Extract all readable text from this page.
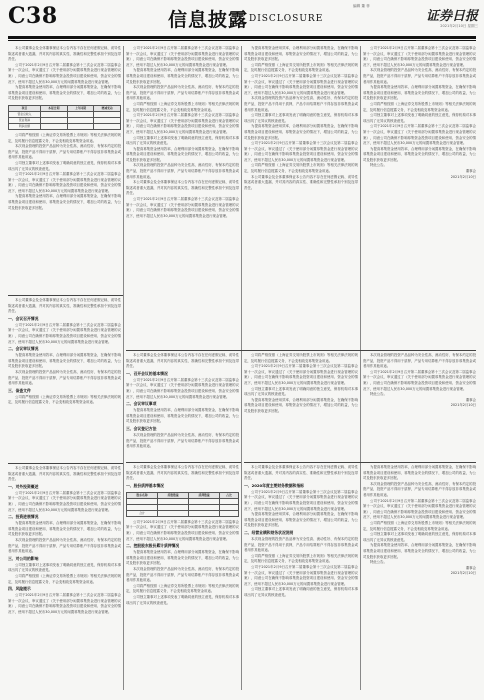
C38	信息披露 DISCLOSURE
编辑 董 菲
证券日报
2021年2月10日 星期三

本公司董事会及全体董事保证本公告内容不存在任何虚假记载、误导性陈述或者重大遗漏，并对其内容的真实性、准确性和完整性承担个别及连带责任。

公司于2021年2月9日召开第二届董事会第十三次会议及第二届监事会第十一次会议，审议通过了《关于使用部分闲置募集资金进行现金管理的议案》，同意公司在确保不影响募集资金投资项目建设和使用、资金安全的情况下，使用不超过人民币30,000万元的闲置募集资金进行现金管理。

为提高募集资金使用效率，合理利用部分闲置募集资金，在确保不影响募集资金项目建设和使用、募集资金安全的情况下，增加公司的收益，为公司及股东获取更多回报。

项目	本报告期	上年同期	增减变动
营业总收入			
营业利润			
利润总额			

公司将严格按照《上海证券交易所股票上市规则》等相关法律法规的规定，及时履行信息披露义务，不会变相改变募集资金用途。

本次现金管理的投资产品品种为安全性高、流动性好、有保本约定的投资产品，投资产品不得用于质押，产品专用结算账户不得存放非募集资金或者用作其他用途。

公司独立董事对上述事项发表了明确同意的独立意见，保荐机构对本事项出具了无异议的核查意见。

公司于2021年2月9日召开第二届董事会第十三次会议及第二届监事会第十一次会议，审议通过了《关于使用部分闲置募集资金进行现金管理的议案》，同意公司在确保不影响募集资金投资项目建设和使用、资金安全的情况下，使用不超过人民币30,000万元的闲置募集资金进行现金管理。

为提高募集资金使用效率，合理利用部分闲置募集资金，在确保不影响募集资金项目建设和使用、募集资金安全的情况下，增加公司的收益，为公司及股东获取更多回报。

本公司董事会及全体董事保证本公告内容不存在任何虚假记载、误导性陈述或者重大遗漏，并对其内容的真实性、准确性和完整性承担个别及连带责任。

一、会议召开情况

公司于2021年2月9日召开第二届董事会第十三次会议及第二届监事会第十一次会议，审议通过了《关于使用部分闲置募集资金进行现金管理的议案》，同意公司在确保不影响募集资金投资项目建设和使用、资金安全的情况下，使用不超过人民币30,000万元的闲置募集资金进行现金管理。

二、会议审议情况

为提高募集资金使用效率，合理利用部分闲置募集资金，在确保不影响募集资金项目建设和使用、募集资金安全的情况下，增加公司的收益，为公司及股东获取更多回报。

本次现金管理的投资产品品种为安全性高、流动性好、有保本约定的投资产品，投资产品不得用于质押，产品专用结算账户不得存放非募集资金或者用作其他用途。

三、备查文件

公司将严格按照《上海证券交易所股票上市规则》等相关法律法规的规定，及时履行信息披露义务，不会变相改变募集资金用途。

本公司董事会及全体董事保证本公告内容不存在任何虚假记载、误导性陈述或者重大遗漏，并对其内容的真实性、准确性和完整性承担个别及连带责任。

一、对外投资概述

公司于2021年2月9日召开第二届董事会第十三次会议及第二届监事会第十一次会议，审议通过了《关于使用部分闲置募集资金进行现金管理的议案》，同意公司在确保不影响募集资金投资项目建设和使用、资金安全的情况下，使用不超过人民币30,000万元的闲置募集资金进行现金管理。

二、投资进展情况

为提高募集资金使用效率，合理利用部分闲置募集资金，在确保不影响募集资金项目建设和使用、募集资金安全的情况下，增加公司的收益，为公司及股东获取更多回报。

本次现金管理的投资产品品种为安全性高、流动性好、有保本约定的投资产品，投资产品不得用于质押，产品专用结算账户不得存放非募集资金或者用作其他用途。

三、对公司的影响

公司独立董事对上述事项发表了明确同意的独立意见，保荐机构对本事项出具了无异议的核查意见。

公司将严格按照《上海证券交易所股票上市规则》等相关法律法规的规定，及时履行信息披露义务，不会变相改变募集资金用途。

四、风险提示

公司于2021年2月9日召开第二届董事会第十三次会议及第二届监事会第十一次会议，审议通过了《关于使用部分闲置募集资金进行现金管理的议案》，同意公司在确保不影响募集资金投资项目建设和使用、资金安全的情况下，使用不超过人民币30,000万元的闲置募集资金进行现金管理。

公司于2021年2月9日召开第二届董事会第十三次会议及第二届监事会第十一次会议，审议通过了《关于使用部分闲置募集资金进行现金管理的议案》，同意公司在确保不影响募集资金投资项目建设和使用、资金安全的情况下，使用不超过人民币30,000万元的闲置募集资金进行现金管理。

为提高募集资金使用效率，合理利用部分闲置募集资金，在确保不影响募集资金项目建设和使用、募集资金安全的情况下，增加公司的收益，为公司及股东获取更多回报。

本次现金管理的投资产品品种为安全性高、流动性好、有保本约定的投资产品，投资产品不得用于质押，产品专用结算账户不得存放非募集资金或者用作其他用途。

公司将严格按照《上海证券交易所股票上市规则》等相关法律法规的规定，及时履行信息披露义务，不会变相改变募集资金用途。

公司于2021年2月9日召开第二届董事会第十三次会议及第二届监事会第十一次会议，审议通过了《关于使用部分闲置募集资金进行现金管理的议案》，同意公司在确保不影响募集资金投资项目建设和使用、资金安全的情况下，使用不超过人民币30,000万元的闲置募集资金进行现金管理。

公司独立董事对上述事项发表了明确同意的独立意见，保荐机构对本事项出具了无异议的核查意见。

为提高募集资金使用效率，合理利用部分闲置募集资金，在确保不影响募集资金项目建设和使用、募集资金安全的情况下，增加公司的收益，为公司及股东获取更多回报。

本次现金管理的投资产品品种为安全性高、流动性好、有保本约定的投资产品，投资产品不得用于质押，产品专用结算账户不得存放非募集资金或者用作其他用途。

本公司董事会及全体董事保证本公告内容不存在任何虚假记载、误导性陈述或者重大遗漏，并对其内容的真实性、准确性和完整性承担个别及连带责任。

公司于2021年2月9日召开第二届董事会第十三次会议及第二届监事会第十一次会议，审议通过了《关于使用部分闲置募集资金进行现金管理的议案》，同意公司在确保不影响募集资金投资项目建设和使用、资金安全的情况下，使用不超过人民币30,000万元的闲置募集资金进行现金管理。

为提高募集资金使用效率，合理利用部分闲置募集资金，在确保不影响募集资金项目建设和使用、募集资金安全的情况下，增加公司的收益，为公司及股东获取更多回报。

公司将严格按照《上海证券交易所股票上市规则》等相关法律法规的规定，及时履行信息披露义务，不会变相改变募集资金用途。

公司于2021年2月9日召开第二届董事会第十三次会议及第二届监事会第十一次会议，审议通过了《关于使用部分闲置募集资金进行现金管理的议案》，同意公司在确保不影响募集资金投资项目建设和使用、资金安全的情况下，使用不超过人民币30,000万元的闲置募集资金进行现金管理。

本次现金管理的投资产品品种为安全性高、流动性好、有保本约定的投资产品，投资产品不得用于质押，产品专用结算账户不得存放非募集资金或者用作其他用途。

公司独立董事对上述事项发表了明确同意的独立意见，保荐机构对本事项出具了无异议的核查意见。

为提高募集资金使用效率，合理利用部分闲置募集资金，在确保不影响募集资金项目建设和使用、募集资金安全的情况下，增加公司的收益，为公司及股东获取更多回报。

公司于2021年2月9日召开第二届董事会第十三次会议及第二届监事会第十一次会议，审议通过了《关于使用部分闲置募集资金进行现金管理的议案》，同意公司在确保不影响募集资金投资项目建设和使用、资金安全的情况下，使用不超过人民币30,000万元的闲置募集资金进行现金管理。

公司将严格按照《上海证券交易所股票上市规则》等相关法律法规的规定，及时履行信息披露义务，不会变相改变募集资金用途。

本公司董事会及全体董事保证本公告内容不存在任何虚假记载、误导性陈述或者重大遗漏，并对其内容的真实性、准确性和完整性承担个别及连带责任。

公司于2021年2月9日召开第二届董事会第十三次会议及第二届监事会第十一次会议，审议通过了《关于使用部分闲置募集资金进行现金管理的议案》，同意公司在确保不影响募集资金投资项目建设和使用、资金安全的情况下，使用不超过人民币30,000万元的闲置募集资金进行现金管理。

本次现金管理的投资产品品种为安全性高、流动性好、有保本约定的投资产品，投资产品不得用于质押，产品专用结算账户不得存放非募集资金或者用作其他用途。

为提高募集资金使用效率，合理利用部分闲置募集资金，在确保不影响募集资金项目建设和使用、募集资金安全的情况下，增加公司的收益，为公司及股东获取更多回报。

公司将严格按照《上海证券交易所股票上市规则》等相关法律法规的规定，及时履行信息披露义务，不会变相改变募集资金用途。

公司独立董事对上述事项发表了明确同意的独立意见，保荐机构对本事项出具了无异议的核查意见。

公司于2021年2月9日召开第二届董事会第十三次会议及第二届监事会第十一次会议，审议通过了《关于使用部分闲置募集资金进行现金管理的议案》，同意公司在确保不影响募集资金投资项目建设和使用、资金安全的情况下，使用不超过人民币30,000万元的闲置募集资金进行现金管理。

为提高募集资金使用效率，合理利用部分闲置募集资金，在确保不影响募集资金项目建设和使用、募集资金安全的情况下，增加公司的收益，为公司及股东获取更多回报。

特此公告。

董事会

2021年2月10日

本公司董事会及全体董事保证本公告内容不存在任何虚假记载、误导性陈述或者重大遗漏，并对其内容的真实性、准确性和完整性承担个别及连带责任。

一、召开会议的基本情况

公司于2021年2月9日召开第二届董事会第十三次会议及第二届监事会第十一次会议，审议通过了《关于使用部分闲置募集资金进行现金管理的议案》，同意公司在确保不影响募集资金投资项目建设和使用、资金安全的情况下，使用不超过人民币30,000万元的闲置募集资金进行现金管理。

二、会议审议事项

为提高募集资金使用效率，合理利用部分闲置募集资金，在确保不影响募集资金项目建设和使用、募集资金安全的情况下，增加公司的收益，为公司及股东获取更多回报。

三、会议登记方法

本次现金管理的投资产品品种为安全性高、流动性好、有保本约定的投资产品，投资产品不得用于质押，产品专用结算账户不得存放非募集资金或者用作其他用途。

公司将严格按照《上海证券交易所股票上市规则》等相关法律法规的规定，及时履行信息披露义务，不会变相改变募集资金用途。

公司于2021年2月9日召开第二届董事会第十三次会议及第二届监事会第十一次会议，审议通过了《关于使用部分闲置募集资金进行现金管理的议案》，同意公司在确保不影响募集资金投资项目建设和使用、资金安全的情况下，使用不超过人民币30,000万元的闲置募集资金进行现金管理。

公司独立董事对上述事项发表了明确同意的独立意见，保荐机构对本事项出具了无异议的核查意见。

为提高募集资金使用效率，合理利用部分闲置募集资金，在确保不影响募集资金项目建设和使用、募集资金安全的情况下，增加公司的收益，为公司及股东获取更多回报。

本次现金管理的投资产品品种为安全性高、流动性好、有保本约定的投资产品，投资产品不得用于质押，产品专用结算账户不得存放非募集资金或者用作其他用途。

公司于2021年2月9日召开第二届董事会第十三次会议及第二届监事会第十一次会议，审议通过了《关于使用部分闲置募集资金进行现金管理的议案》，同意公司在确保不影响募集资金投资项目建设和使用、资金安全的情况下，使用不超过人民币30,000万元的闲置募集资金进行现金管理。

特此公告。

董事会

2021年2月10日

本公司董事会及全体董事保证本公告内容不存在任何虚假记载、误导性陈述或者重大遗漏，并对其内容的真实性、准确性和完整性承担个别及连带责任。

一、股份质押基本情况

股东名称	持股数量	质押数量	占比

合计			

公司于2021年2月9日召开第二届董事会第十三次会议及第二届监事会第十一次会议，审议通过了《关于使用部分闲置募集资金进行现金管理的议案》，同意公司在确保不影响募集资金投资项目建设和使用、资金安全的情况下，使用不超过人民币30,000万元的闲置募集资金进行现金管理。

二、控股股东股份累计质押情况

为提高募集资金使用效率，合理利用部分闲置募集资金，在确保不影响募集资金项目建设和使用、募集资金安全的情况下，增加公司的收益，为公司及股东获取更多回报。

本次现金管理的投资产品品种为安全性高、流动性好、有保本约定的投资产品，投资产品不得用于质押，产品专用结算账户不得存放非募集资金或者用作其他用途。

公司将严格按照《上海证券交易所股票上市规则》等相关法律法规的规定，及时履行信息披露义务，不会变相改变募集资金用途。

公司独立董事对上述事项发表了明确同意的独立意见，保荐机构对本事项出具了无异议的核查意见。

本公司董事会及全体董事保证本公告内容不存在任何虚假记载、误导性陈述或者重大遗漏，并对其内容的真实性、准确性和完整性承担个别及连带责任。

一、2020年度主要财务数据和指标

公司于2021年2月9日召开第二届董事会第十三次会议及第二届监事会第十一次会议，审议通过了《关于使用部分闲置募集资金进行现金管理的议案》，同意公司在确保不影响募集资金投资项目建设和使用、资金安全的情况下，使用不超过人民币30,000万元的闲置募集资金进行现金管理。

为提高募集资金使用效率，合理利用部分闲置募集资金，在确保不影响募集资金项目建设和使用、募集资金安全的情况下，增加公司的收益，为公司及股东获取更多回报。

二、经营业绩和财务状况说明

本次现金管理的投资产品品种为安全性高、流动性好、有保本约定的投资产品，投资产品不得用于质押，产品专用结算账户不得存放非募集资金或者用作其他用途。

公司将严格按照《上海证券交易所股票上市规则》等相关法律法规的规定，及时履行信息披露义务，不会变相改变募集资金用途。

公司于2021年2月9日召开第二届董事会第十三次会议及第二届监事会第十一次会议，审议通过了《关于使用部分闲置募集资金进行现金管理的议案》，同意公司在确保不影响募集资金投资项目建设和使用、资金安全的情况下，使用不超过人民币30,000万元的闲置募集资金进行现金管理。

公司独立董事对上述事项发表了明确同意的独立意见，保荐机构对本事项出具了无异议的核查意见。

为提高募集资金使用效率，合理利用部分闲置募集资金，在确保不影响募集资金项目建设和使用、募集资金安全的情况下，增加公司的收益，为公司及股东获取更多回报。

本次现金管理的投资产品品种为安全性高、流动性好、有保本约定的投资产品，投资产品不得用于质押，产品专用结算账户不得存放非募集资金或者用作其他用途。

公司于2021年2月9日召开第二届董事会第十三次会议及第二届监事会第十一次会议，审议通过了《关于使用部分闲置募集资金进行现金管理的议案》，同意公司在确保不影响募集资金投资项目建设和使用、资金安全的情况下，使用不超过人民币30,000万元的闲置募集资金进行现金管理。

公司将严格按照《上海证券交易所股票上市规则》等相关法律法规的规定，及时履行信息披露义务，不会变相改变募集资金用途。

公司独立董事对上述事项发表了明确同意的独立意见，保荐机构对本事项出具了无异议的核查意见。

为提高募集资金使用效率，合理利用部分闲置募集资金，在确保不影响募集资金项目建设和使用、募集资金安全的情况下，增加公司的收益，为公司及股东获取更多回报。

特此公告。

董事会

2021年2月10日
